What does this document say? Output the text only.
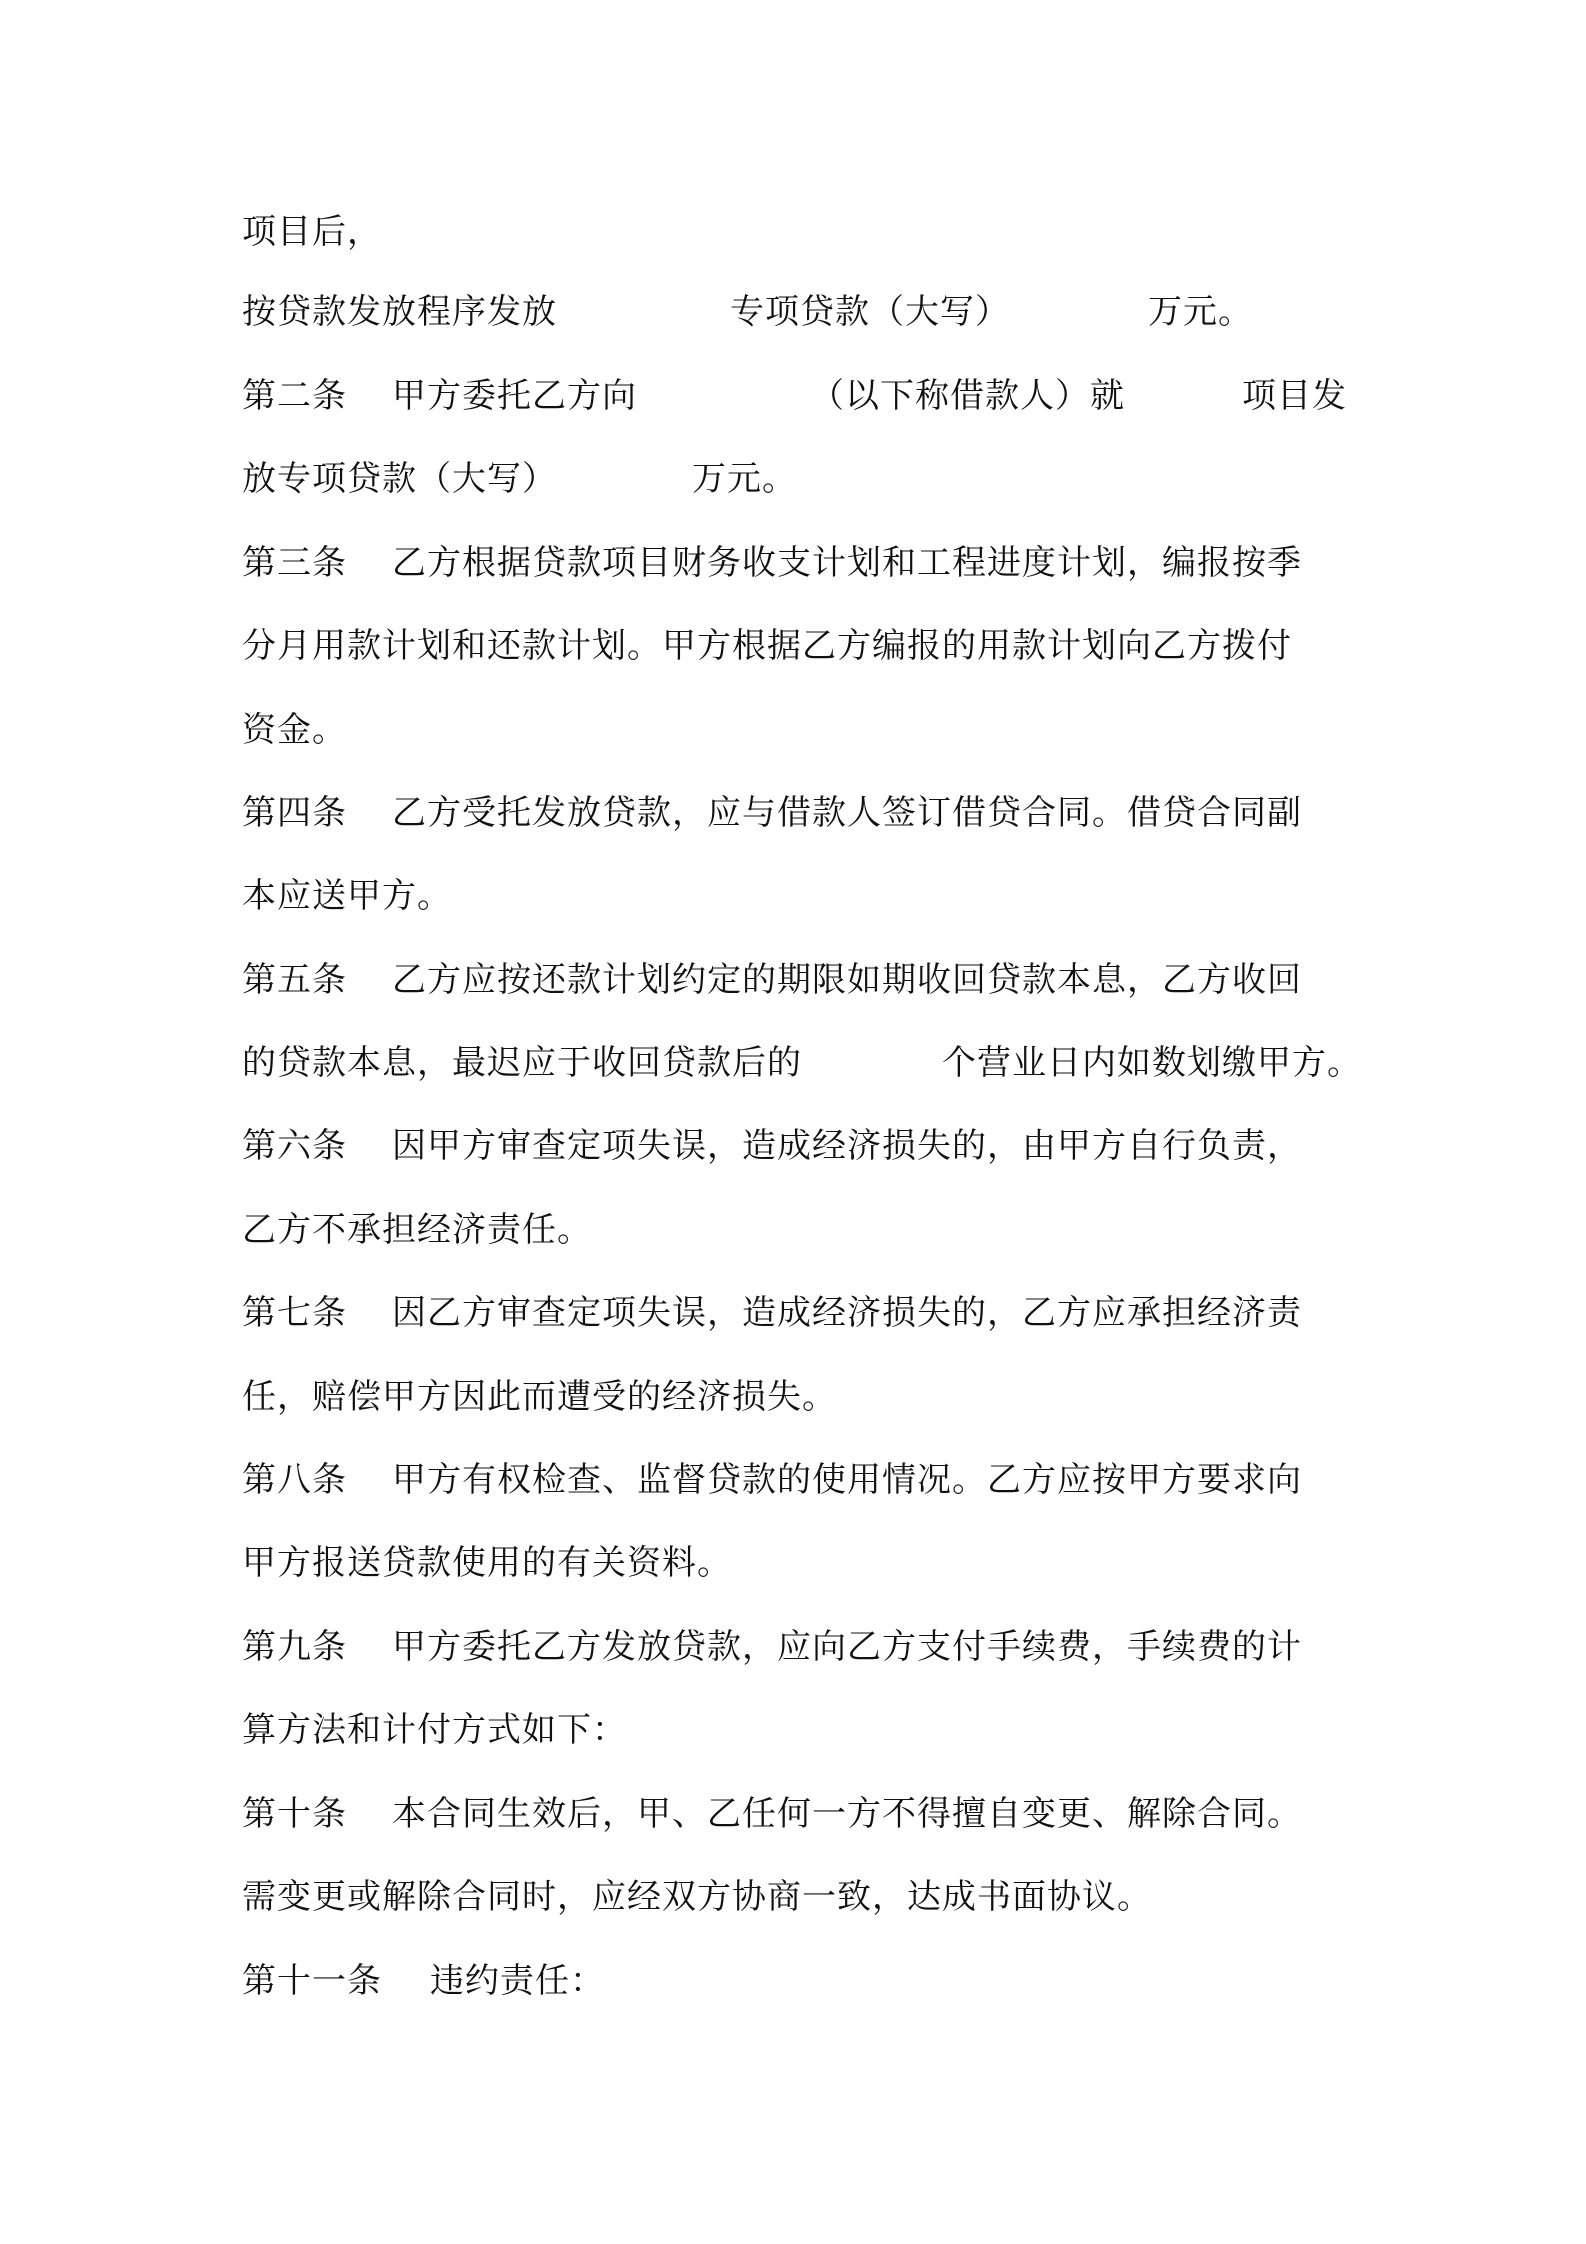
项目后，
按贷款发放程序发放	专项贷款（大写）	万元。
第二条 甲方委托乙方向	（以下称借款人）就	项目发
放专项贷款（大写）	万元。
第三条 乙方根据贷款项目财务收支计划和工程进度计划，编报按季
分月用款计划和还款计划。甲方根据乙方编报的用款计划向乙方拨付
资金。
第四条 乙方受托发放贷款，应与借款人签订借贷合同。借贷合同副
本应送甲方。
第五条 乙方应按还款计划约定的期限如期收回贷款本息，乙方收回
的贷款本息，最迟应于收回贷款后的	个营业日内如数划缴甲方。
第六条 因甲方审查定项失误，造成经济损失的，由甲方自行负责，
乙方不承担经济责任。
第七条 因乙方审查定项失误，造成经济损失的，乙方应承担经济责
任，赔偿甲方因此而遭受的经济损失。
第八条 甲方有权检查、监督贷款的使用情况。乙方应按甲方要求向
甲方报送贷款使用的有关资料。
第九条 甲方委托乙方发放贷款，应向乙方支付手续费，手续费的计
算方法和计付方式如下：
第十条 本合同生效后，甲、乙任何一方不得擅自变更、解除合同。
需变更或解除合同时，应经双方协商一致，达成书面协议。
第十一条 违约责任：
